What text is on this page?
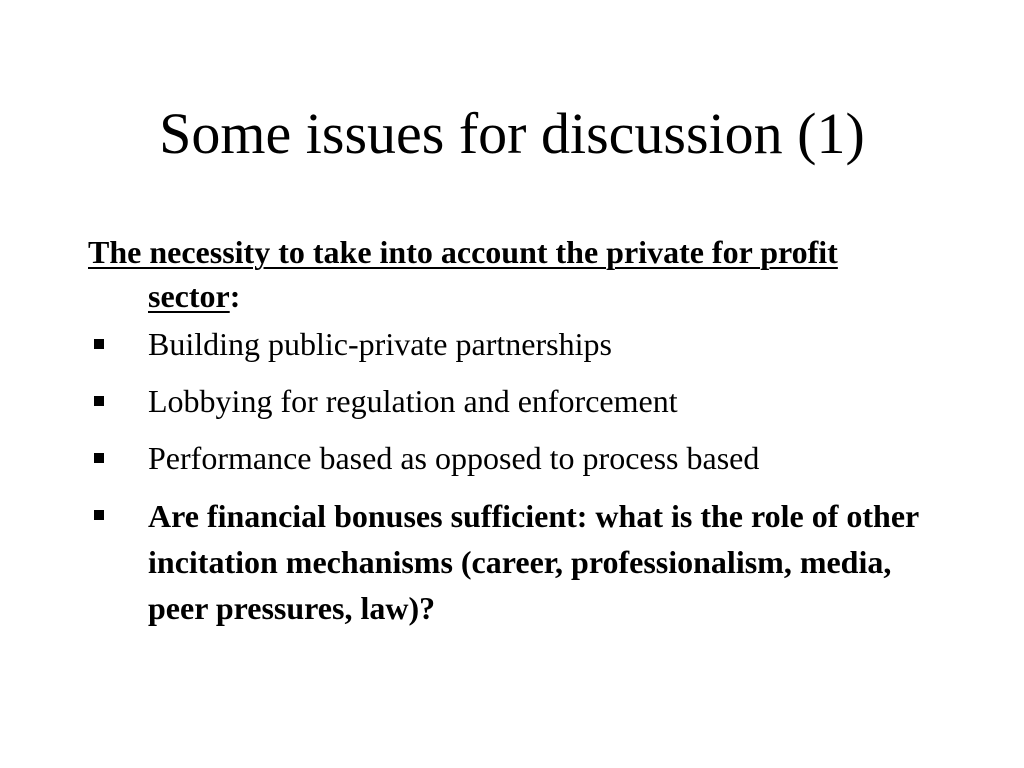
Some issues for discussion (1)

The necessity to take into account the private for profit sector:

Building public-private partnerships
Lobbying for regulation and enforcement
Performance based as opposed to process based
Are financial bonuses sufficient: what is the role of other incitation mechanisms (career, professionalism, media, peer pressures, law)?
